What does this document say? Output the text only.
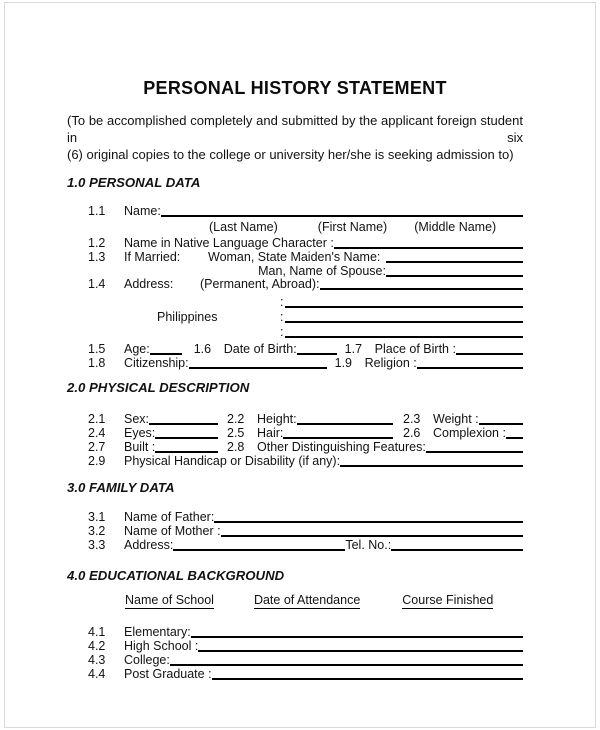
PERSONAL HISTORY STATEMENT
(To be accomplished completely and submitted by the applicant foreign student in six
(6) original copies to the college or university her/she is seeking admission to)
1.0 PERSONAL DATA
1.1	Name:
(Last Name)	(First Name) (Middle Name)
1.2	Name in Native Language Character :
1.3	If Married:	Woman, State Maiden's Name:
Man, Name of Spouse:
1.4	Address:	(Permanent, Abroad):
:
Philippines	:
:
1.5	Age:	1.6	Date of Birth:	1.7	Place of Birth :
1.8	Citizenship:	1.9	Religion :
2.0 PHYSICAL DESCRIPTION
2.1	Sex:	2.2	Height:	2.3	Weight :
2.4	Eyes:	2.5	Hair:	2.6	Complexion :
2.7	Built :	2.8	Other Distinguishing Features:
2.9	Physical Handicap or Disability (if any):
3.0 FAMILY DATA
3.1	Name of Father:
3.2	Name of Mother :
3.3	Address:	Tel. No.:
4.0 EDUCATIONAL BACKGROUND
Name of School	Date of Attendance	Course Finished
4.1	Elementary:
4.2	High School :
4.3	College:
4.4	Post Graduate :
